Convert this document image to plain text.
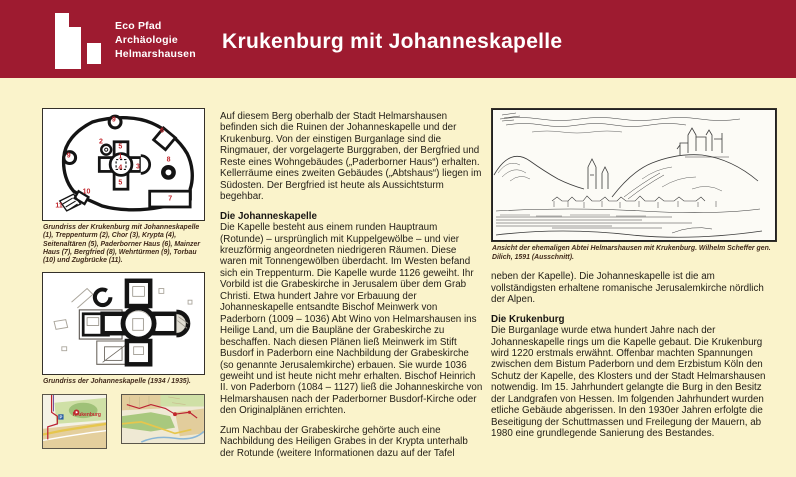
Eco Pfad
Archäologie
Helmarshausen
Krukenburg mit Johanneskapelle
1
2
3
4
5
5
6
7
8
9
9
10
11
Grundriss der Krukenburg mit Johanneskapelle (1), Treppenturm (2), Chor (3), Krypta (4), Seitenaltären (5), Paderborner Haus (6), Mainzer Haus (7), Bergfried (8), Wehrtürmen (9), Torbau (10) und Zugbrücke (11).
Grundriss der Johanneskapelle (1934 / 1935).
P Krukenburg

Auf diesem Berg oberhalb der Stadt Helmarshausen befinden sich die Ruinen der Johanneskapelle und der Krukenburg. Von der einstigen Burganlage sind die Ringmauer, der vorgelagerte Burggraben, der Bergfried und Reste eines Wohngebäudes („Paderborner Haus“) erhalten. Kellerräume eines zweiten Gebäudes („Abtshaus“) liegen im Südosten. Der Bergfried ist heute als Aussichtsturm begehbar.

Die Johanneskapelle

Die Kapelle besteht aus einem runden Hauptraum (Rotunde) – ursprünglich mit Kuppelgewölbe – und vier kreuzförmig angeordneten niedrigeren Räumen. Diese waren mit Tonnengewölben überdacht. Im Westen befand sich ein Treppenturm. Die Kapelle wurde 1126 geweiht. Ihr Vorbild ist die Grabeskirche in Jerusalem über dem Grab Christi. Etwa hundert Jahre vor Erbauung der Johanneskapelle entsandte Bischof Meinwerk von Paderborn (1009 – 1036) Abt Wino von Helmarshausen ins Heilige Land, um die Baupläne der Grabeskirche zu beschaffen. Nach diesen Plänen ließ Meinwerk im Stift Busdorf in Paderborn eine Nachbildung der Grabeskirche (so genannte Jerusalemkirche) erbauen. Sie wurde 1036 geweiht und ist heute nicht mehr erhalten. Bischof Heinrich II. von Paderborn (1084 – 1127) ließ die Johanneskirche von Helmarshausen nach der Paderborner Busdorf-Kirche oder den Originalplänen errichten.

Zum Nachbau der Grabeskirche gehörte auch eine Nachbildung des Heiligen Grabes in der Krypta unterhalb der Rotunde (weitere Informationen dazu auf der Tafel

Ansicht der ehemaligen Abtei Helmarshausen mit Krukenburg. Wilhelm Scheffer gen. Dilich, 1591 (Ausschnitt).

neben der Kapelle). Die Johanneskapelle ist die am vollständigsten erhaltene romanische Jerusalemkirche nördlich der Alpen.

Die Krukenburg

Die Burganlage wurde etwa hundert Jahre nach der Johanneskapelle rings um die Kapelle gebaut. Die Krukenburg wird 1220 erstmals erwähnt. Offenbar machten Spannungen zwischen dem Bistum Paderborn und dem Erzbistum Köln den Schutz der Kapelle, des Klosters und der Stadt Helmarshausen notwendig. Im 15. Jahrhundert gelangte die Burg in den Besitz der Landgrafen von Hessen. Im folgenden Jahrhundert wurden etliche Gebäude abgerissen. In den 1930er Jahren erfolgte die Beseitigung der Schuttmassen und Freilegung der Mauern, ab 1980 eine grundlegende Sanierung des Bestandes.
